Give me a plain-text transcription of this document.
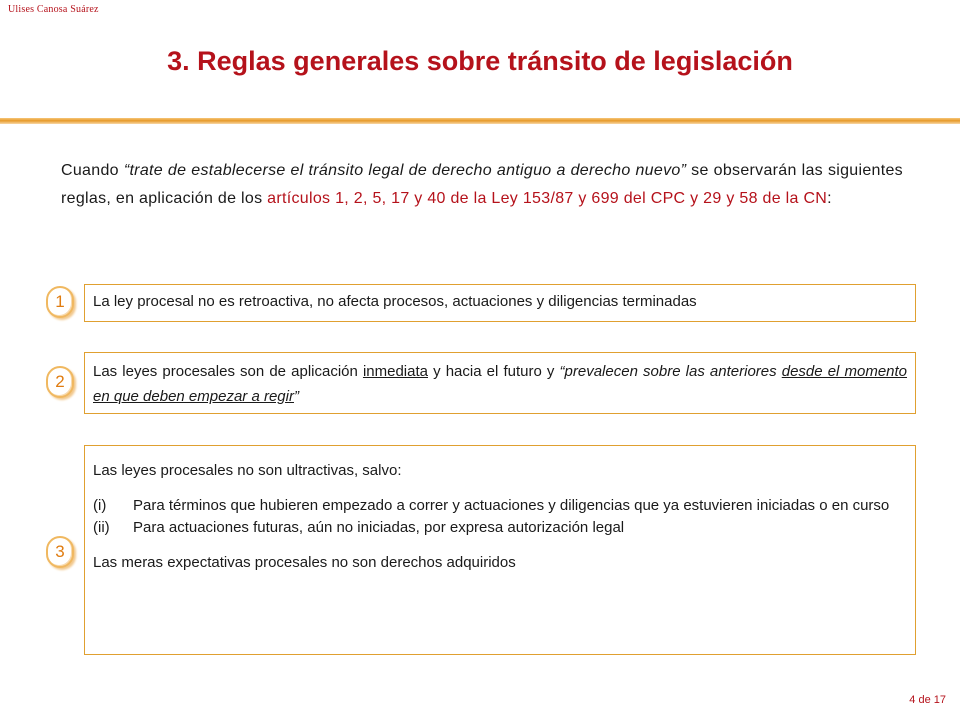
Ulises Canosa Suárez
3. Reglas generales sobre tránsito de legislación
Cuando “trate de establecerse el tránsito legal de derecho antiguo a derecho nuevo” se observarán las siguientes reglas, en aplicación de los artículos 1, 2, 5, 17 y 40 de la Ley 153/87 y 699 del CPC y 29 y 58 de la CN:
1	La ley procesal no es retroactiva, no afecta procesos, actuaciones y diligencias terminadas
2
Las leyes procesales son de aplicación inmediata y hacia el futuro y “prevalecen sobre las anteriores desde el momento en que deben empezar a regir”
3
Las leyes procesales no son ultractivas, salvo:
(i)	Para términos que hubieren empezado a correr y actuaciones y diligencias que ya estuvieren iniciadas o en curso
(ii)	Para actuaciones futuras, aún no iniciadas, por expresa autorización legal
Las meras expectativas procesales no son derechos adquiridos
4 de 17
